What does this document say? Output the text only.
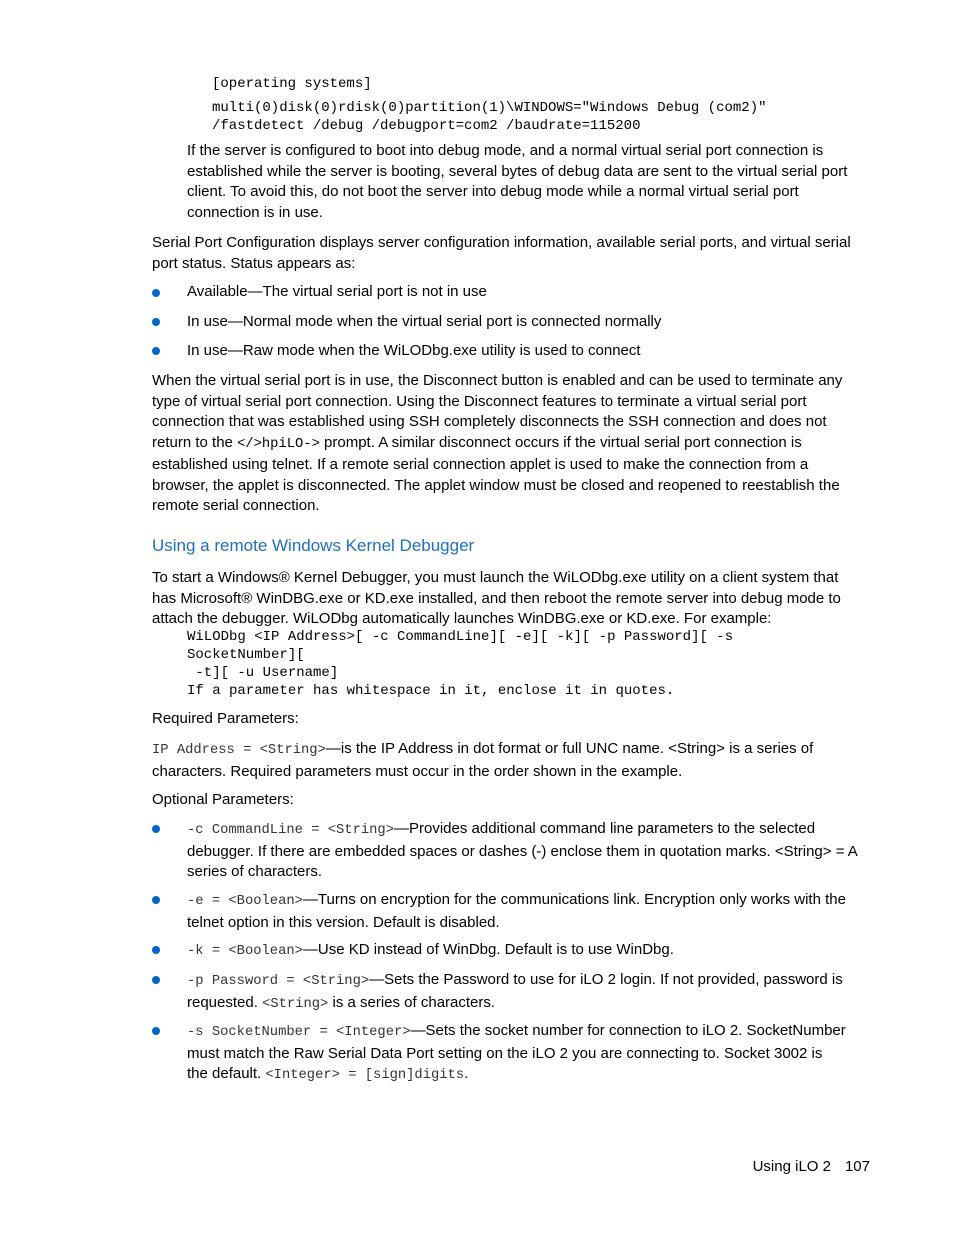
[operating systems]
multi(0)disk(0)rdisk(0)partition(1)\WINDOWS="Windows Debug (com2)"
/fastdetect /debug /debugport=com2 /baudrate=115200

If the server is configured to boot into debug mode, and a normal virtual serial port connection is established while the server is booting, several bytes of debug data are sent to the virtual serial port client. To avoid this, do not boot the server into debug mode while a normal virtual serial port connection is in use.

Serial Port Configuration displays server configuration information, available serial ports, and virtual serial port status. Status appears as:

Available—The virtual serial port is not in use

In use—Normal mode when the virtual serial port is connected normally

In use—Raw mode when the WiLODbg.exe utility is used to connect

When the virtual serial port is in use, the Disconnect button is enabled and can be used to terminate any type of virtual serial port connection. Using the Disconnect features to terminate a virtual serial port connection that was established using SSH completely disconnects the SSH connection and does not return to the </>hpiLO-> prompt. A similar disconnect occurs if the virtual serial port connection is established using telnet. If a remote serial connection applet is used to make the connection from a browser, the applet is disconnected. The applet window must be closed and reopened to reestablish the remote serial connection.

Using a remote Windows Kernel Debugger

To start a Windows® Kernel Debugger, you must launch the WiLODbg.exe utility on a client system that has Microsoft® WinDBG.exe or KD.exe installed, and then reboot the remote server into debug mode to attach the debugger. WiLODbg automatically launches WinDBG.exe or KD.exe. For example:

WiLODbg <IP Address>[ -c CommandLine][ -e][ -k][ -p Password][ -s
SocketNumber][
-t][ -u Username]
If a parameter has whitespace in it, enclose it in quotes.

Required Parameters:

IP Address = <String>—is the IP Address in dot format or full UNC name. <String> is a series of characters. Required parameters must occur in the order shown in the example.

Optional Parameters:

-c CommandLine = <String>—Provides additional command line parameters to the selected debugger. If there are embedded spaces or dashes (-) enclose them in quotation marks. <String> = A series of characters.

-e = <Boolean>—Turns on encryption for the communications link. Encryption only works with the telnet option in this version. Default is disabled.

-k = <Boolean>—Use KD instead of WinDbg. Default is to use WinDbg.

-p Password = <String>—Sets the Password to use for iLO 2 login. If not provided, password is requested. <String> is a series of characters.

-s SocketNumber = <Integer>—Sets the socket number for connection to iLO 2. SocketNumber must match the Raw Serial Data Port setting on the iLO 2 you are connecting to. Socket 3002 is the default. <Integer> = [sign]digits.

Using iLO 2 107
